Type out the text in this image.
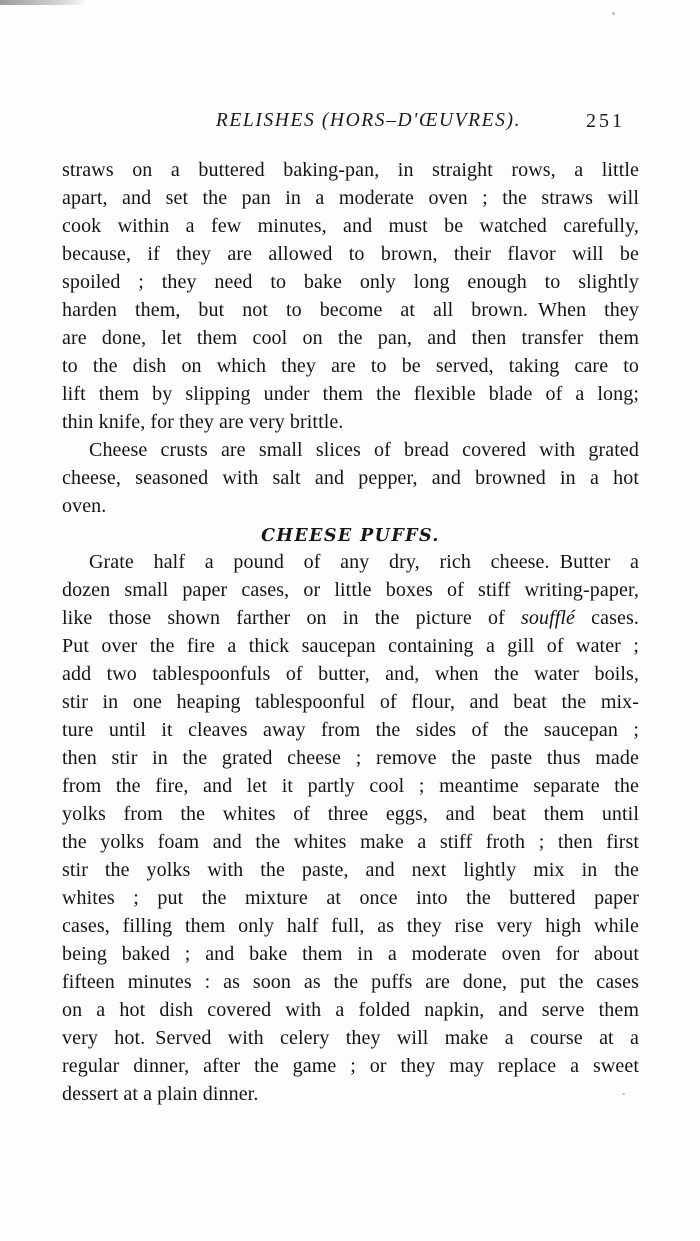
RELISHES (HORS–D'ŒUVRES).	251
straws on a buttered baking-pan, in straight rows, a little
apart, and set the pan in a moderate oven ; the straws will
cook within a few minutes, and must be watched carefully,
because, if they are allowed to brown, their flavor will be
spoiled ; they need to bake only long enough to slightly
harden them, but not to become at all brown. When they
are done, let them cool on the pan, and then transfer them
to the dish on which they are to be served, taking care to
lift them by slipping under them the flexible blade of a long;
thin knife, for they are very brittle.
Cheese crusts are small slices of bread covered with grated
cheese, seasoned with salt and pepper, and browned in a hot
oven.
CHEESE PUFFS.
Grate half a pound of any dry, rich cheese. Butter a
dozen small paper cases, or little boxes of stiff writing-paper,
like those shown farther on in the picture of soufflé cases.
Put over the fire a thick saucepan containing a gill of water ;
add two tablespoonfuls of butter, and, when the water boils,
stir in one heaping tablespoonful of flour, and beat the mix-
ture until it cleaves away from the sides of the saucepan ;
then stir in the grated cheese ; remove the paste thus made
from the fire, and let it partly cool ; meantime separate the
yolks from the whites of three eggs, and beat them until
the yolks foam and the whites make a stiff froth ; then first
stir the yolks with the paste, and next lightly mix in the
whites ; put the mixture at once into the buttered paper
cases, filling them only half full, as they rise very high while
being baked ; and bake them in a moderate oven for about
fifteen minutes : as soon as the puffs are done, put the cases
on a hot dish covered with a folded napkin, and serve them
very hot. Served with celery they will make a course at a
regular dinner, after the game ; or they may replace a sweet
dessert at a plain dinner.
